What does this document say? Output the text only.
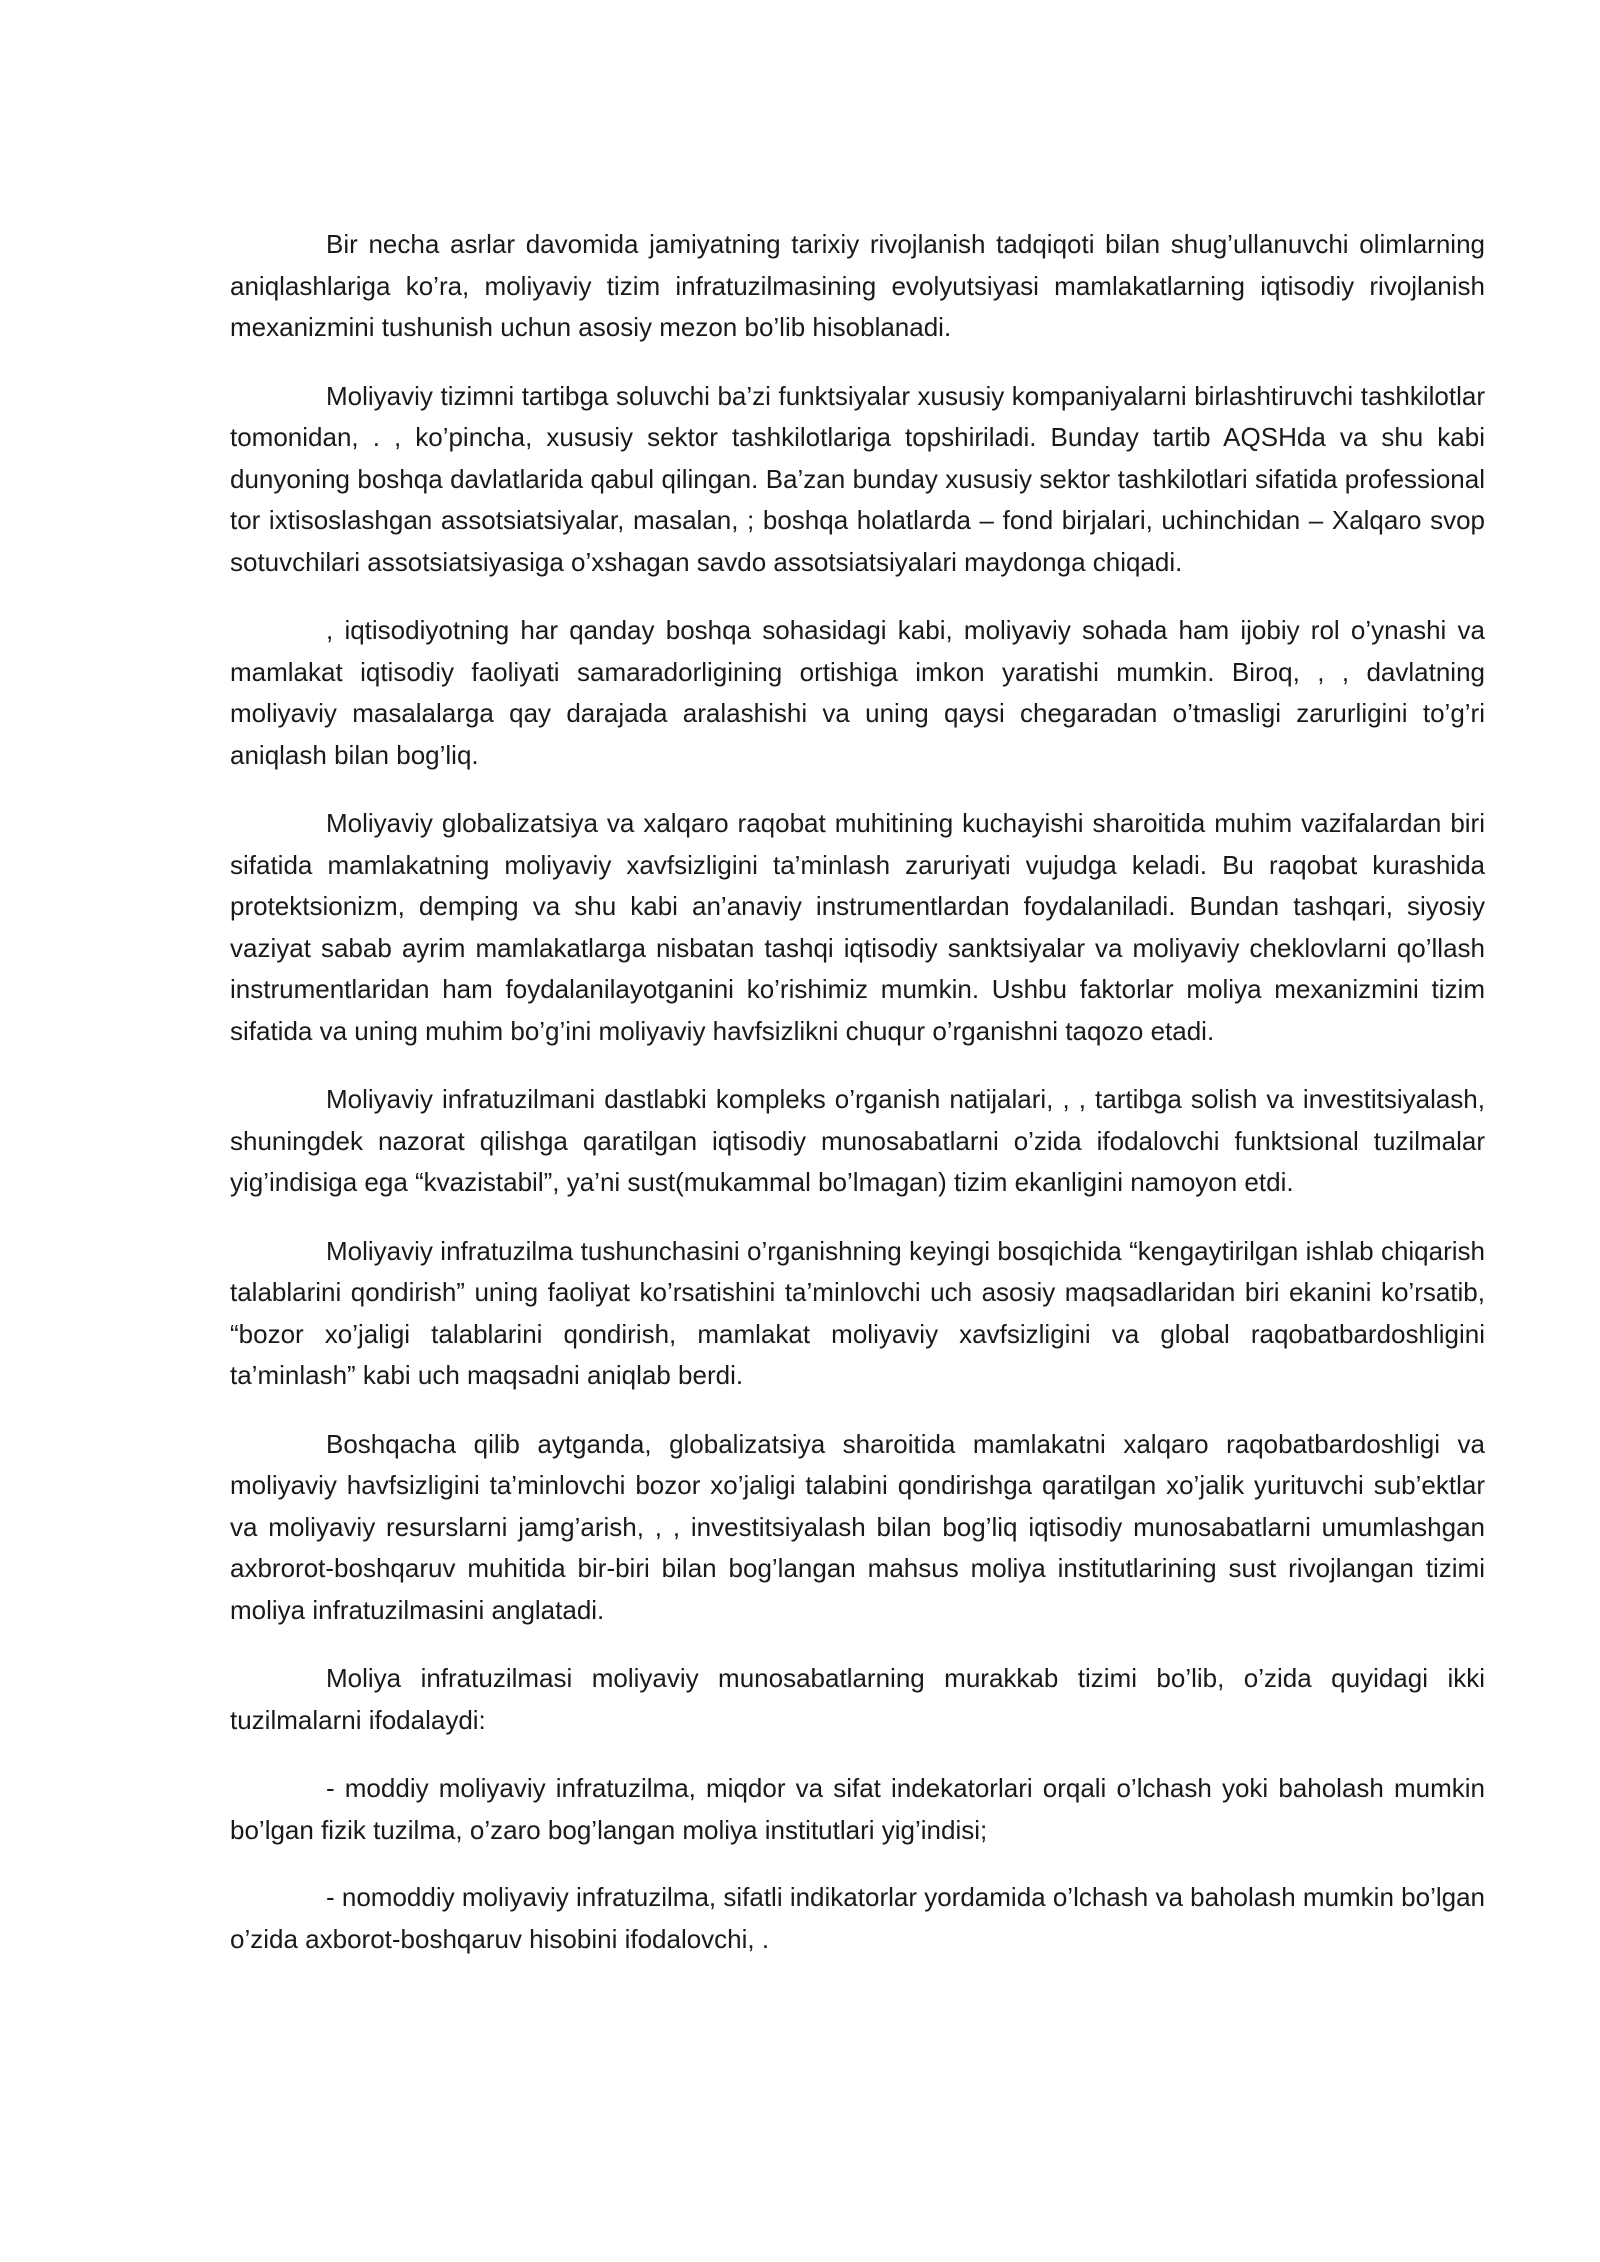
Bir necha asrlar davomida jamiyatning tarixiy rivojlanish tadqiqoti bilan shug’ullanuvchi olimlarning aniqlashlariga ko’ra, moliyaviy tizim infratuzilmasining evolyutsiyasi mamlakatlarning iqtisodiy rivojlanish mexanizmini tushunish uchun asosiy mezon bo’lib hisoblanadi.

Moliyaviy tizimni tartibga soluvchi ba’zi funktsiyalar xususiy kompaniyalarni birlashtiruvchi tashkilotlar tomonidan, . , ko’pincha, xususiy sektor tashkilotlariga topshiriladi. Bunday tartib AQSHda va shu kabi dunyoning boshqa davlatlarida qabul qilingan. Ba’zan bunday xususiy sektor tashkilotlari sifatida professional tor ixtisoslashgan assotsiatsiyalar, masalan, ; boshqa holatlarda – fond birjalari, uchinchidan – Xalqaro svop sotuvchilari assotsiatsiyasiga o’xshagan savdo assotsiatsiyalari maydonga chiqadi.

, iqtisodiyotning har qanday boshqa sohasidagi kabi, moliyaviy sohada ham ijobiy rol o’ynashi va mamlakat iqtisodiy faoliyati samaradorligining ortishiga imkon yaratishi mumkin. Biroq, , , davlatning moliyaviy masalalarga qay darajada aralashishi va uning qaysi chegaradan o’tmasligi zarurligini to’g’ri aniqlash bilan bog’liq.

Moliyaviy globalizatsiya va xalqaro raqobat muhitining kuchayishi sharoitida muhim vazifalardan biri sifatida mamlakatning moliyaviy xavfsizligini ta’minlash zaruriyati vujudga keladi. Bu raqobat kurashida protektsionizm, demping va shu kabi an’anaviy instrumentlardan foydalaniladi. Bundan tashqari, siyosiy vaziyat sabab ayrim mamlakatlarga nisbatan tashqi iqtisodiy sanktsiyalar va moliyaviy cheklovlarni qo’llash instrumentlaridan ham foydalanilayotganini ko’rishimiz mumkin. Ushbu faktorlar moliya mexanizmini tizim sifatida va uning muhim bo’g’ini moliyaviy havfsizlikni chuqur o’rganishni taqozo etadi.

Moliyaviy infratuzilmani dastlabki kompleks o’rganish natijalari, , , tartibga solish va investitsiyalash, shuningdek nazorat qilishga qaratilgan iqtisodiy munosabatlarni o’zida ifodalovchi funktsional tuzilmalar yig’indisiga ega “kvazistabil”, ya’ni sust(mukammal bo’lmagan) tizim ekanligini namoyon etdi.

Moliyaviy infratuzilma tushunchasini o’rganishning keyingi bosqichida “kengaytirilgan ishlab chiqarish talablarini qondirish” uning faoliyat ko’rsatishini ta’minlovchi uch asosiy maqsadlaridan biri ekanini ko’rsatib, “bozor xo’jaligi talablarini qondirish, mamlakat moliyaviy xavfsizligini va global raqobatbardoshligini ta’minlash” kabi uch maqsadni aniqlab berdi.

Boshqacha qilib aytganda, globalizatsiya sharoitida mamlakatni xalqaro raqobatbardoshligi va moliyaviy havfsizligini ta’minlovchi bozor xo’jaligi talabini qondirishga qaratilgan xo’jalik yurituvchi sub’ektlar va moliyaviy resurslarni jamg’arish, , , investitsiyalash bilan bog’liq iqtisodiy munosabatlarni umumlashgan axbrorot-boshqaruv muhitida bir-biri bilan bog’langan mahsus moliya institutlarining sust rivojlangan tizimi moliya infratuzilmasini anglatadi.

Moliya infratuzilmasi moliyaviy munosabatlarning murakkab tizimi bo’lib, o’zida quyidagi ikki tuzilmalarni ifodalaydi:

- moddiy moliyaviy infratuzilma, miqdor va sifat indekatorlari orqali o’lchash yoki baholash mumkin bo’lgan fizik tuzilma, o’zaro bog’langan moliya institutlari yig’indisi;

- nomoddiy moliyaviy infratuzilma, sifatli indikatorlar yordamida o’lchash va baholash mumkin bo’lgan o’zida axborot-boshqaruv hisobini ifodalovchi, .
